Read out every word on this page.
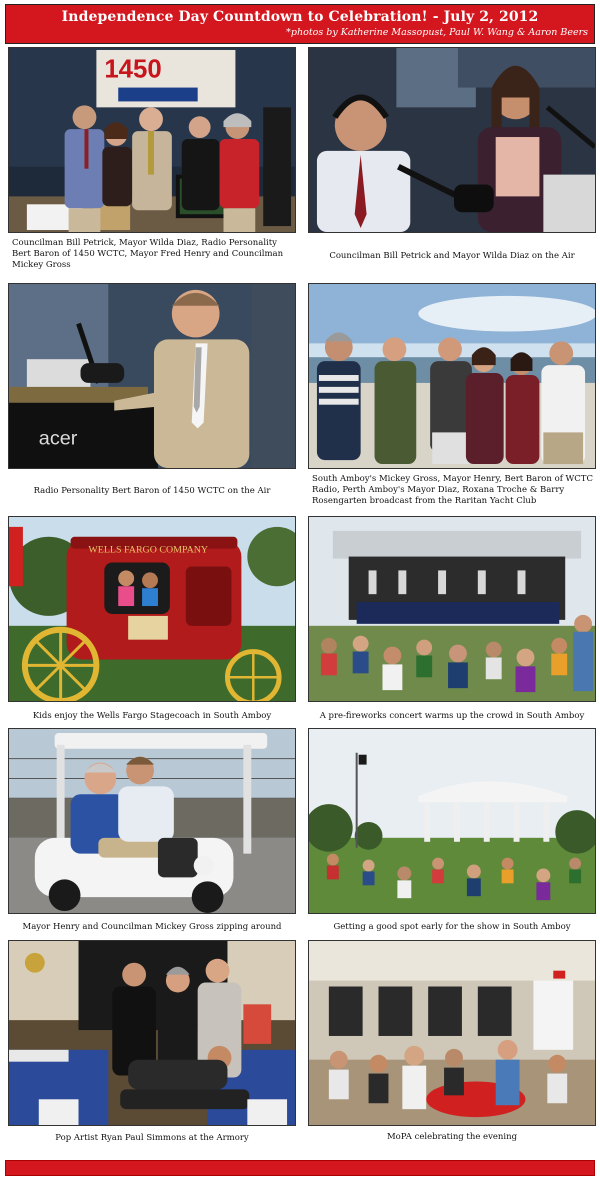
Independence Day Countdown to Celebration! - July 2, 2012
*photos by Katherine Massopust, Paul W. Wang & Aaron Beers
1450
Councilman Bill Petrick, Mayor Wilda Diaz, Radio Personality Bert Baron of 1450 WCTC, Mayor Fred Henry and Councilman Mickey Gross
Councilman Bill Petrick and Mayor Wilda Diaz on the Air
acer
Radio Personality Bert Baron of 1450 WCTC on the Air
South Amboy's Mickey Gross, Mayor Henry, Bert Baron of WCTC Radio, Perth Amboy's Mayor Diaz, Roxana Troche & Barry Rosengarten broadcast from the Raritan Yacht Club
WELLS FARGO COMPANY
Kids enjoy the Wells Fargo Stagecoach in South Amboy	A pre-fireworks concert warms up the crowd in South Amboy
Mayor Henry and Councilman Mickey Gross zipping around	Getting a good spot early for the show in South Amboy
Pop Artist Ryan Paul Simmons at the Armory	MoPA celebrating the evening
